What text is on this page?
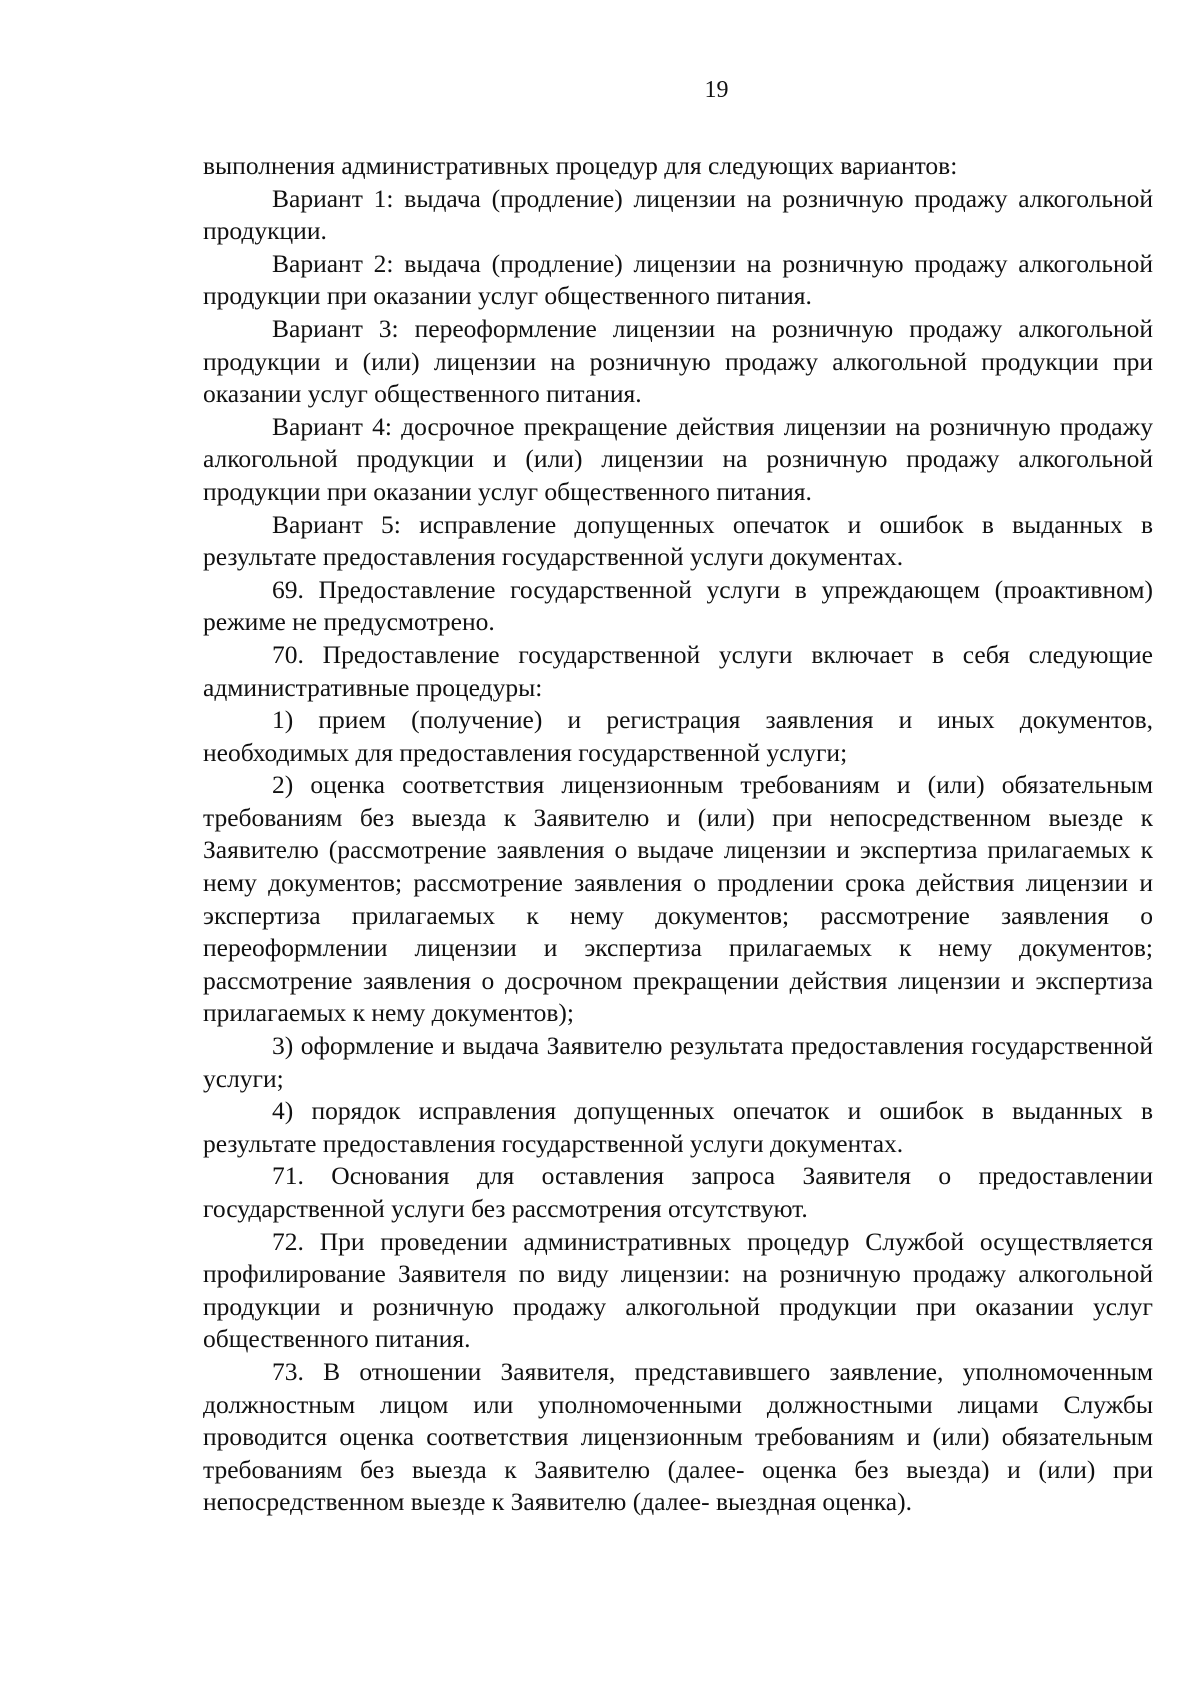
19

выполнения административных процедур для следующих вариантов:

Вариант 1: выдача (продление) лицензии на розничную продажу алкогольной продукции.

Вариант 2: выдача (продление) лицензии на розничную продажу алкогольной продукции при оказании услуг общественного питания.

Вариант 3: переоформление лицензии на розничную продажу алкогольной продукции и (или) лицензии на розничную продажу алкогольной продукции при оказании услуг общественного питания.

Вариант 4: досрочное прекращение действия лицензии на розничную продажу алкогольной продукции и (или) лицензии на розничную продажу алкогольной продукции при оказании услуг общественного питания.

Вариант 5: исправление допущенных опечаток и ошибок в выданных в результате предоставления государственной услуги документах.

69. Предоставление государственной услуги в упреждающем (проактивном) режиме не предусмотрено.

70. Предоставление государственной услуги включает в себя следующие административные процедуры:

1) прием (получение) и регистрация заявления и иных документов, необходимых для предоставления государственной услуги;

2) оценка соответствия лицензионным требованиям и (или) обязательным требованиям без выезда к Заявителю и (или) при непосредственном выезде к Заявителю (рассмотрение заявления о выдаче лицензии и экспертиза прилагаемых к нему документов; рассмотрение заявления о продлении срока действия лицензии и экспертиза прилагаемых к нему документов; рассмотрение заявления о переоформлении лицензии и экспертиза прилагаемых к нему документов; рассмотрение заявления о досрочном прекращении действия лицензии и экспертиза прилагаемых к нему документов);

3) оформление и выдача Заявителю результата предоставления государственной услуги;

4) порядок исправления допущенных опечаток и ошибок в выданных в результате предоставления государственной услуги документах.

71. Основания для оставления запроса Заявителя о предоставлении государственной услуги без рассмотрения отсутствуют.

72. При проведении административных процедур Службой осуществляется профилирование Заявителя по виду лицензии: на розничную продажу алкогольной продукции и розничную продажу алкогольной продукции при оказании услуг общественного питания.

73. В отношении Заявителя, представившего заявление, уполномоченным должностным лицом или уполномоченными должностными лицами Службы проводится оценка соответствия лицензионным требованиям и (или) обязательным требованиям без выезда к Заявителю (далее- оценка без выезда) и (или) при непосредственном выезде к Заявителю (далее- выездная оценка).
